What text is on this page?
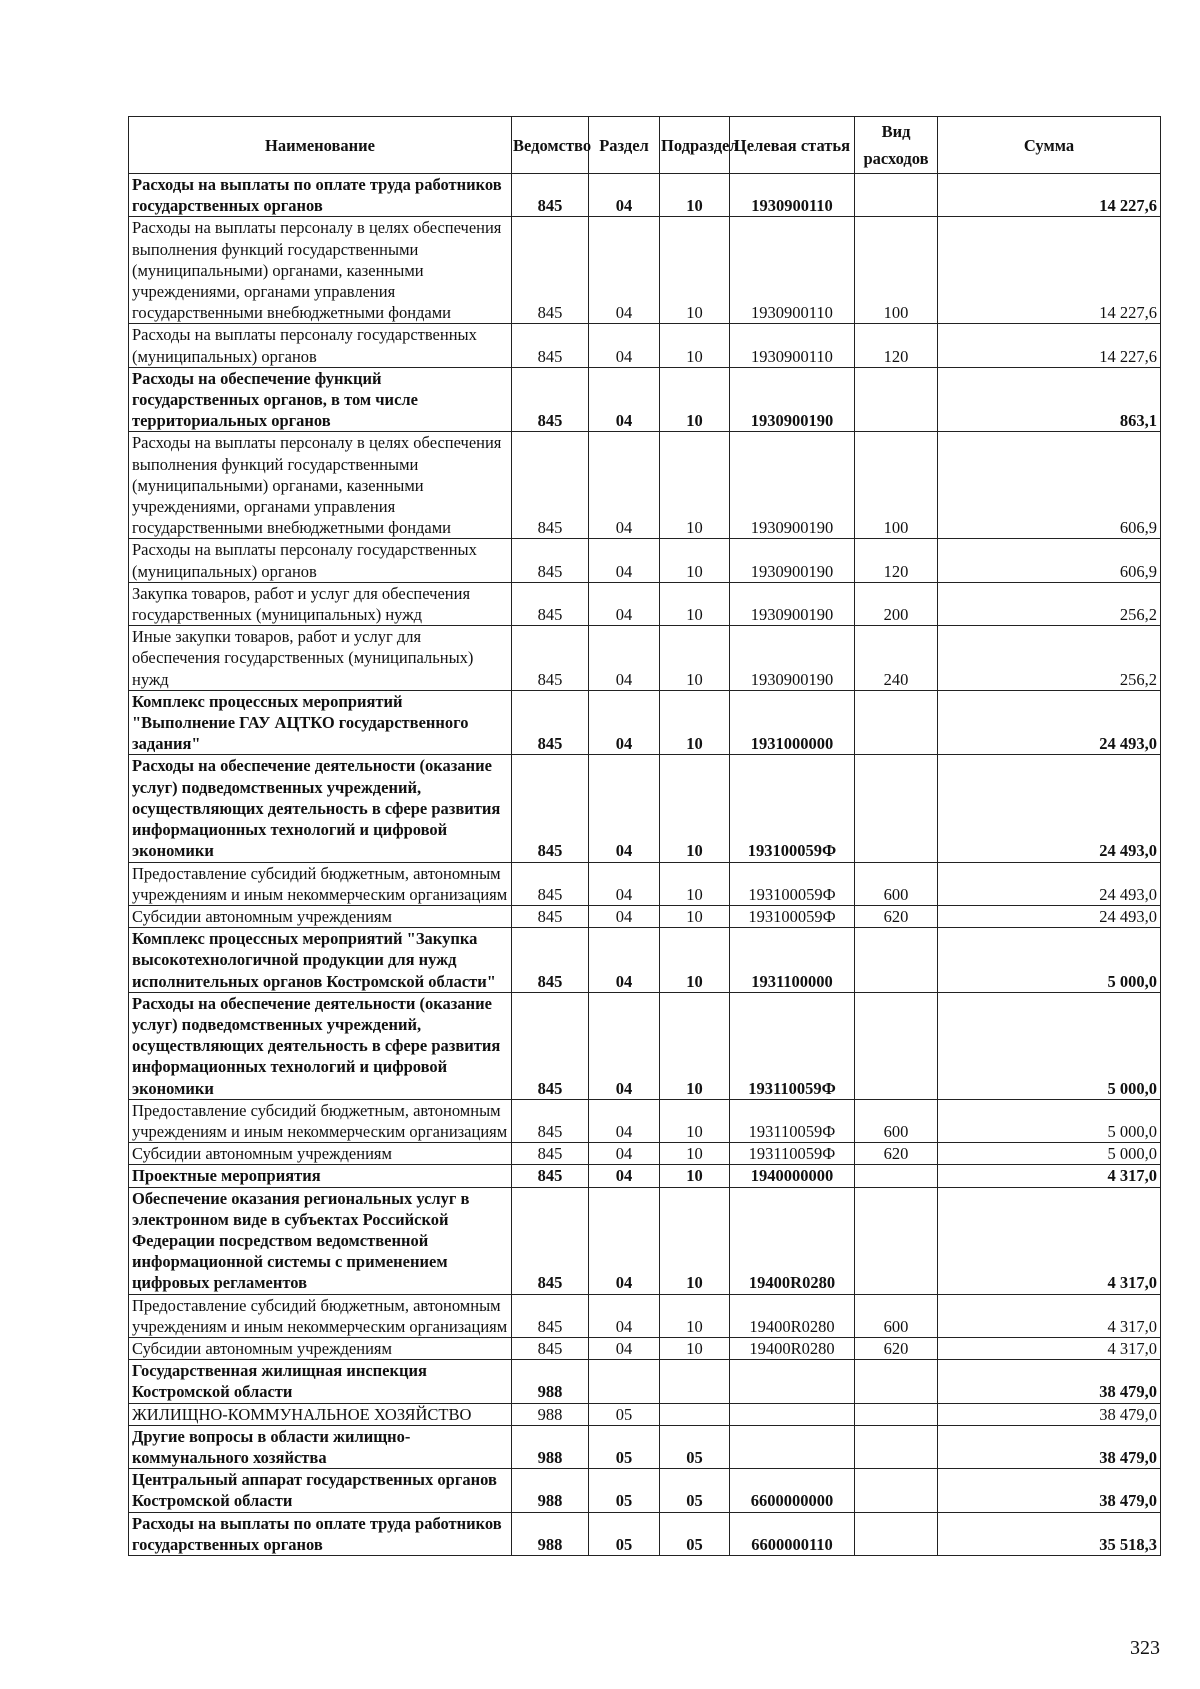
Наименование	Ведомство	Раздел	Подраздел	Целевая статья	Вид расходов	Сумма
Расходы на выплаты по оплате труда работников государственных органов	845	04	10	1930900110		14 227,6
Расходы на выплаты персоналу в целях обеспечения выполнения функций государственными (муниципальными) органами, казенными учреждениями, органами управления государственными внебюджетными фондами	845	04	10	1930900110	100	14 227,6
Расходы на выплаты персоналу государственных (муниципальных) органов	845	04	10	1930900110	120	14 227,6
Расходы на обеспечение функций государственных органов, в том числе территориальных органов	845	04	10	1930900190		863,1
Расходы на выплаты персоналу в целях обеспечения выполнения функций государственными (муниципальными) органами, казенными учреждениями, органами управления государственными внебюджетными фондами	845	04	10	1930900190	100	606,9
Расходы на выплаты персоналу государственных (муниципальных) органов	845	04	10	1930900190	120	606,9
Закупка товаров, работ и услуг для обеспечения государственных (муниципальных) нужд	845	04	10	1930900190	200	256,2
Иные закупки товаров, работ и услуг для обеспечения государственных (муниципальных) нужд	845	04	10	1930900190	240	256,2
Комплекс процессных мероприятий "Выполнение ГАУ АЦТКО государственного задания"	845	04	10	1931000000		24 493,0
Расходы на обеспечение деятельности (оказание услуг) подведомственных учреждений, осуществляющих деятельность в сфере развития информационных технологий и цифровой экономики	845	04	10	193100059Ф		24 493,0
Предоставление субсидий бюджетным, автономным учреждениям и иным некоммерческим организациям	845	04	10	193100059Ф	600	24 493,0
Субсидии автономным учреждениям	845	04	10	193100059Ф	620	24 493,0
Комплекс процессных мероприятий "Закупка высокотехнологичной продукции для нужд исполнительных органов Костромской области"	845	04	10	1931100000		5 000,0
Расходы на обеспечение деятельности (оказание услуг) подведомственных учреждений, осуществляющих деятельность в сфере развития информационных технологий и цифровой экономики	845	04	10	193110059Ф		5 000,0
Предоставление субсидий бюджетным, автономным учреждениям и иным некоммерческим организациям	845	04	10	193110059Ф	600	5 000,0
Субсидии автономным учреждениям	845	04	10	193110059Ф	620	5 000,0
Проектные мероприятия	845	04	10	1940000000		4 317,0
Обеспечение оказания региональных услуг в электронном виде в субъектах Российской Федерации посредством ведомственной информационной системы с применением цифровых регламентов	845	04	10	19400R0280		4 317,0
Предоставление субсидий бюджетным, автономным учреждениям и иным некоммерческим организациям	845	04	10	19400R0280	600	4 317,0
Субсидии автономным учреждениям	845	04	10	19400R0280	620	4 317,0
Государственная жилищная инспекция Костромской области	988					38 479,0
ЖИЛИЩНО-КОММУНАЛЬНОЕ ХОЗЯЙСТВО	988	05				38 479,0
Другие вопросы в области жилищно-коммунального хозяйства	988	05	05			38 479,0
Центральный аппарат государственных органов Костромской области	988	05	05	6600000000		38 479,0
Расходы на выплаты по оплате труда работников государственных органов	988	05	05	6600000110		35 518,3
323
